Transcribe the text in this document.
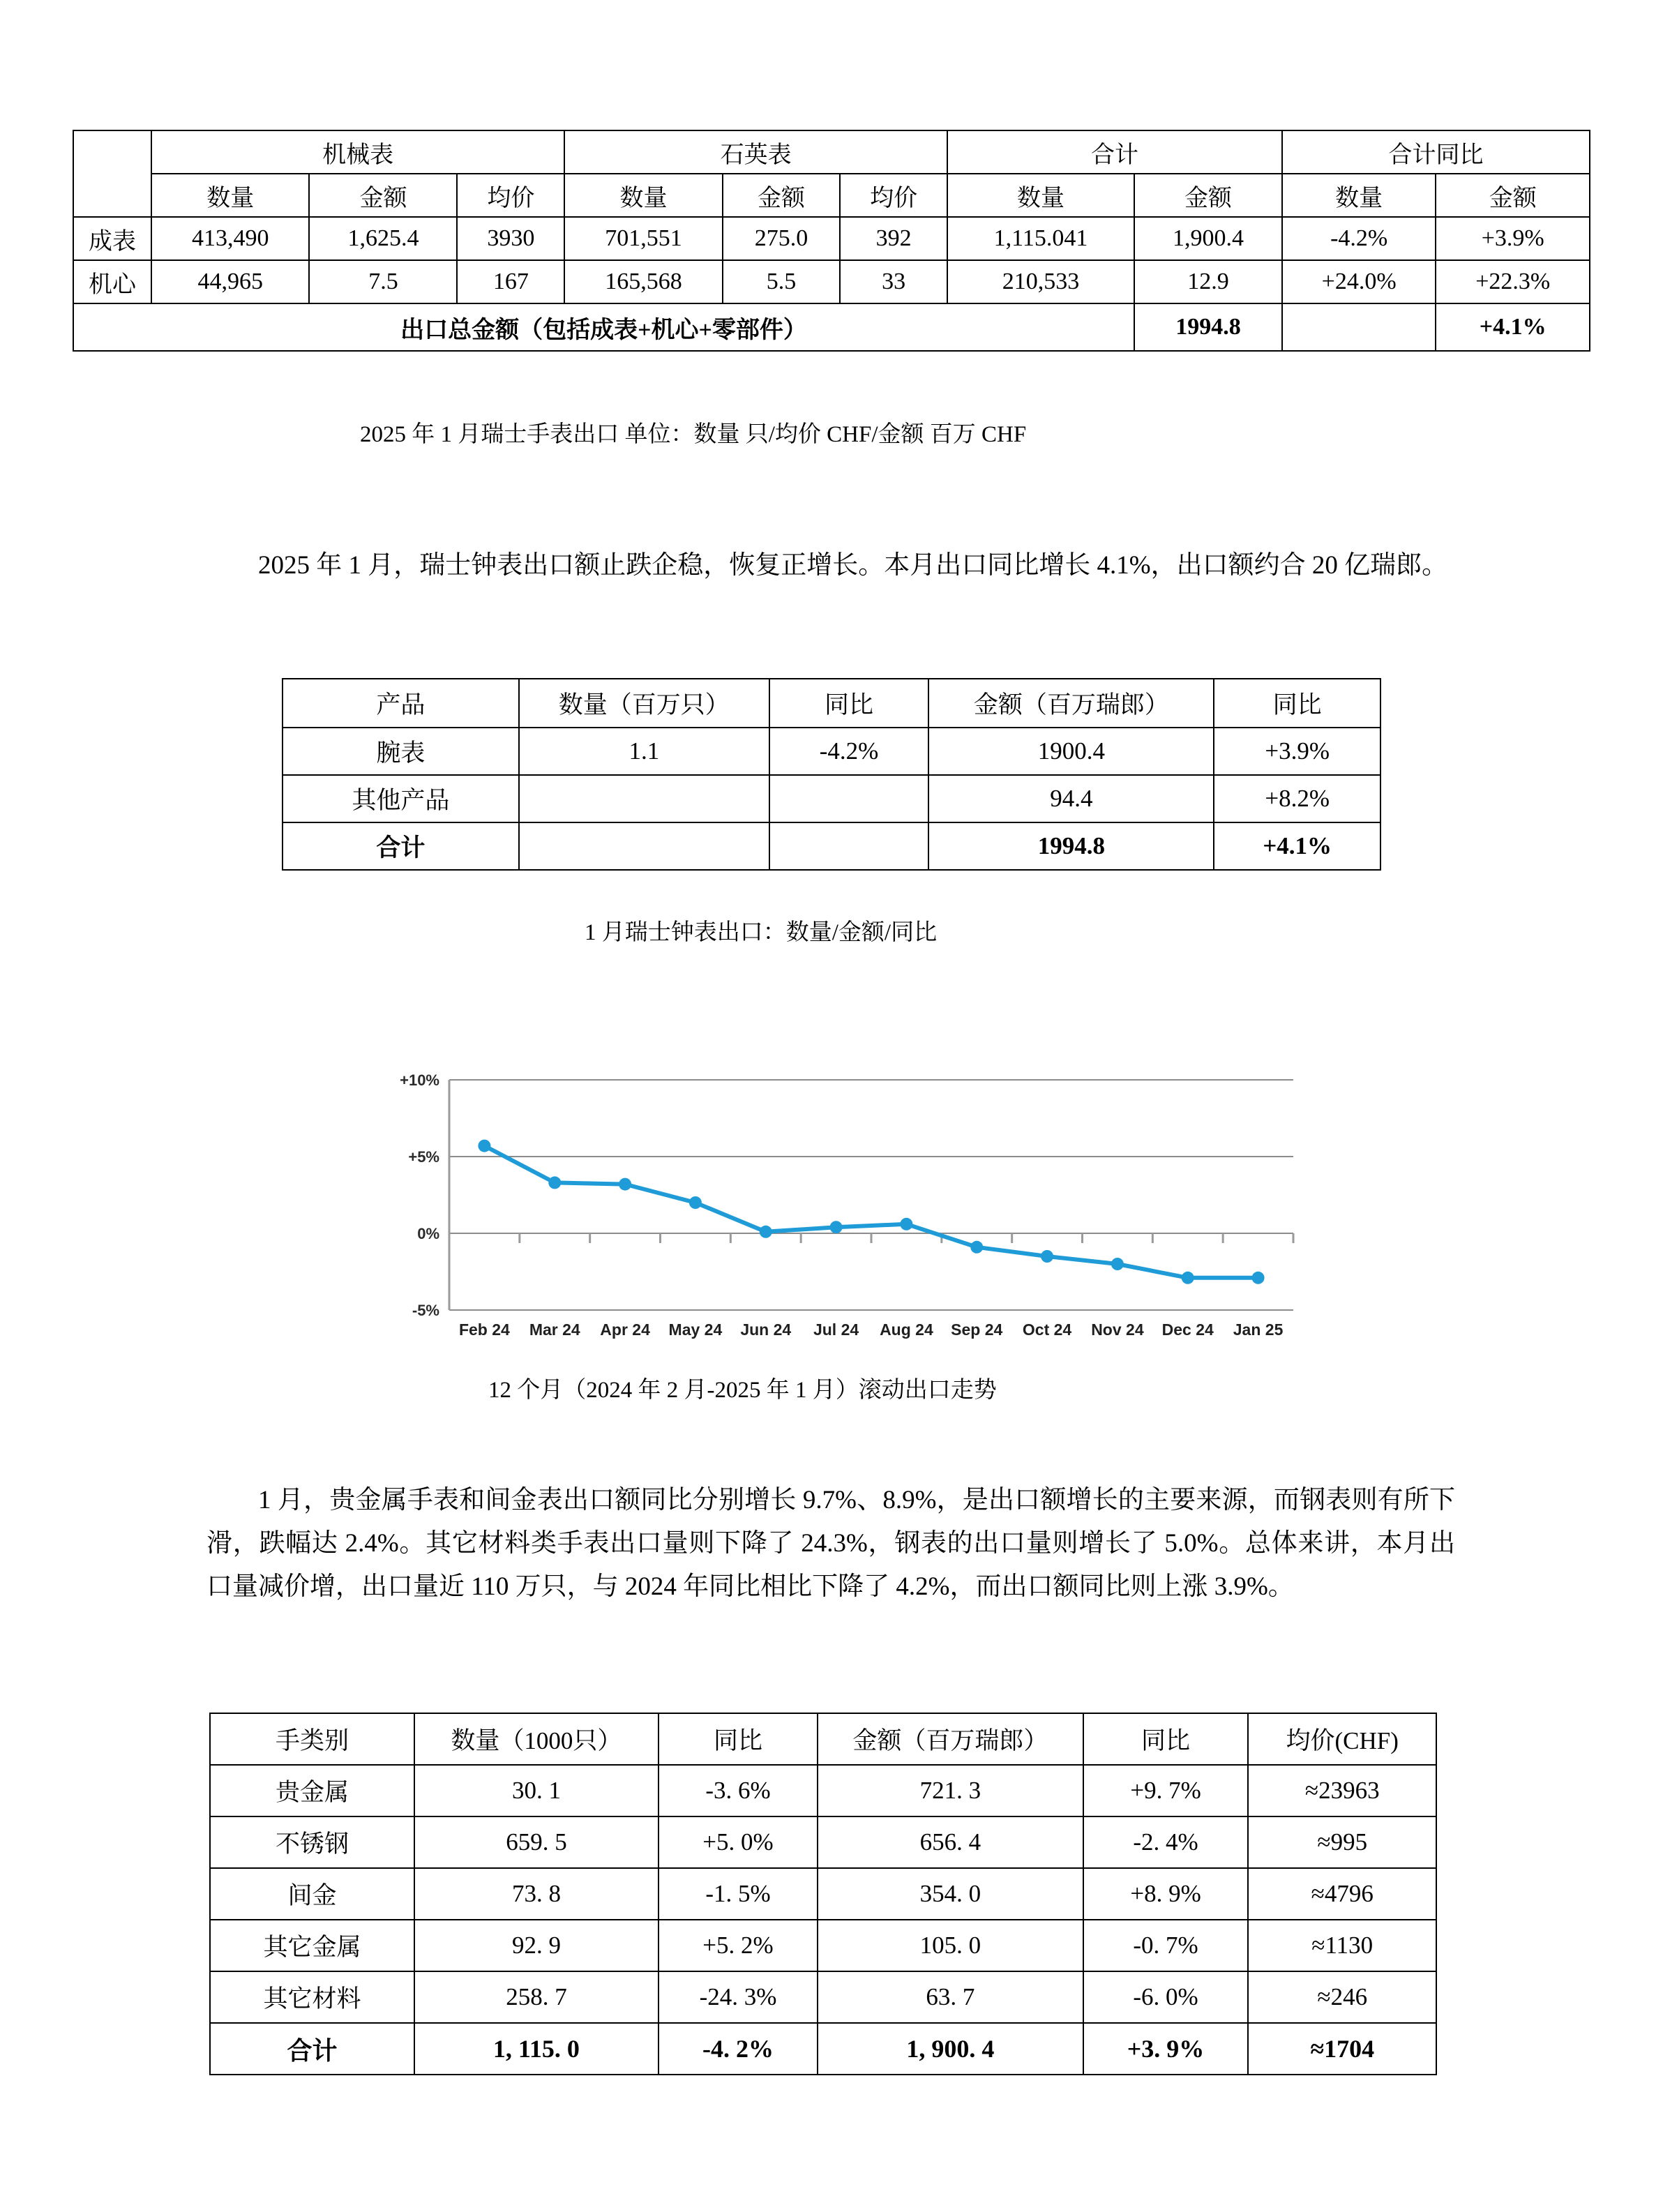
	机械表			石英表			合计		合计同比	
	数量	金额	均价	数量	金额	均价	数量	金额	数量	金额
成表	413,490	1,625.4	3930	701,551	275.0	392	1,115.041	1,900.4	-4.2%	+3.9%
机心	44,965	7.5	167	165,568	5.5	33	210,533	12.9	+24.0%	+22.3%
出口总金额（包括成表+机心+零部件）								1994.8		+4.1%
2025 年 1 月瑞士手表出口 单位：数量 只/均价 CHF/金额 百万 CHF
2025 年 1 月，瑞士钟表出口额止跌企稳，恢复正增长。本月出口同比增长 4.1%，出口额约合 20 亿瑞郎。
产品	数量（百万只）	同比	金额（百万瑞郎）	同比
腕表	1.1	-4.2%	1900.4	+3.9%
其他产品			94.4	+8.2%
合计			1994.8	+4.1%
1 月瑞士钟表出口：数量/金额/同比
+10%
+5%
0%
-5%
Feb 24 Mar 24 Apr 24 May 24 Jun 24 Jul 24 Aug 24 Sep 24 Oct 24 Nov 24 Dec 24 Jan 25
12 个月（2024 年 2 月-2025 年 1 月）滚动出口走势
1 月，贵金属手表和间金表出口额同比分别增长 9.7%、8.9%，是出口额增长的主要来源，而钢表则有所下滑，跌幅达 2.4%。其它材料类手表出口量则下降了 24.3%，钢表的出口量则增长了 5.0%。总体来讲，本月出口量减价增，出口量近 110 万只，与 2024 年同比相比下降了 4.2%，而出口额同比则上涨 3.9%。
手类别	数量（1000只）	同比	金额（百万瑞郎）	同比	均价(CHF)
贵金属	30. 1	-3. 6%	721. 3	+9. 7%	≈23963
不锈钢	659. 5	+5. 0%	656. 4	-2. 4%	≈995
间金	73. 8	-1. 5%	354. 0	+8. 9%	≈4796
其它金属	92. 9	+5. 2%	105. 0	-0. 7%	≈1130
其它材料	258. 7	-24. 3%	63. 7	-6. 0%	≈246
合计	1, 115. 0	-4. 2%	1, 900. 4	+3. 9%	≈1704
